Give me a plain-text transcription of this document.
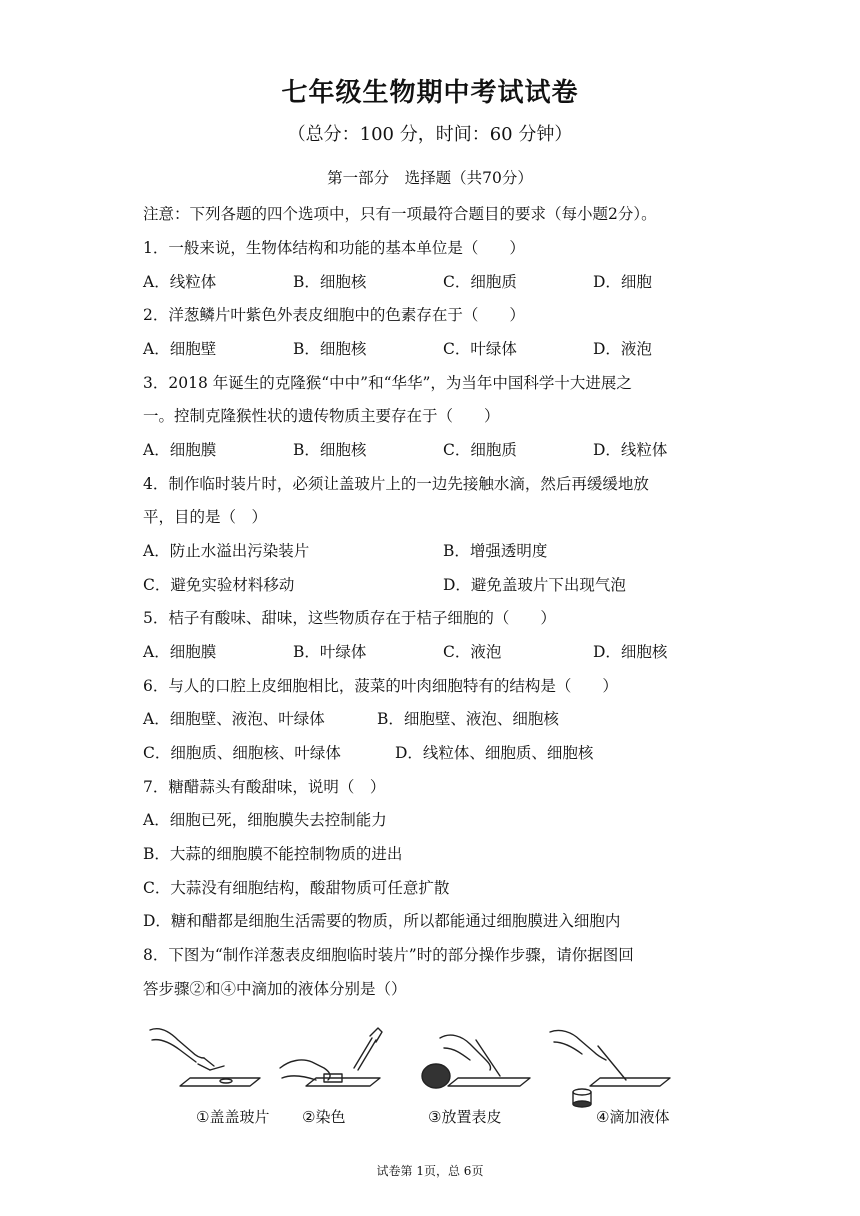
七年级生物期中考试试卷
（总分：100 分，时间：60 分钟）
第一部分　选择题（共70分）
注意：下列各题的四个选项中，只有一项最符合题目的要求（每小题2分）。
1．一般来说，生物体结构和功能的基本单位是（　　）
A．线粒体	B．细胞核	C．细胞质	D．细胞
2．洋葱鳞片叶紫色外表皮细胞中的色素存在于（　　）
A．细胞壁	B．细胞核	C．叶绿体	D．液泡
3．2018 年诞生的克隆猴“中中”和“华华”，为当年中国科学十大进展之
一。控制克隆猴性状的遗传物质主要存在于（　　）
A．细胞膜	B．细胞核	C．细胞质	D．线粒体
4．制作临时装片时，必须让盖玻片上的一边先接触水滴，然后再缓缓地放
平，目的是（　）
A．防止水溢出污染装片	B．增强透明度
C．避免实验材料移动	D．避免盖玻片下出现气泡
5．桔子有酸味、甜味，这些物质存在于桔子细胞的（　　）
A．细胞膜	B．叶绿体	C．液泡	D．细胞核
6．与人的口腔上皮细胞相比，菠菜的叶肉细胞特有的结构是（　　）
A．细胞壁、液泡、叶绿体	B．细胞壁、液泡、细胞核
C．细胞质、细胞核、叶绿体	D．线粒体、细胞质、细胞核
7．糖醋蒜头有酸甜味，说明（　）
A．细胞已死，细胞膜失去控制能力
B．大蒜的细胞膜不能控制物质的进出
C．大蒜没有细胞结构，酸甜物质可任意扩散
D．糖和醋都是细胞生活需要的物质，所以都能通过细胞膜进入细胞内
8．下图为“制作洋葱表皮细胞临时装片”时的部分操作步骤，请你据图回
答步骤②和④中滴加的液体分别是（）
①盖盖玻片 ②染色	③放置表皮	④滴加液体
试卷第 1页，总 6页
